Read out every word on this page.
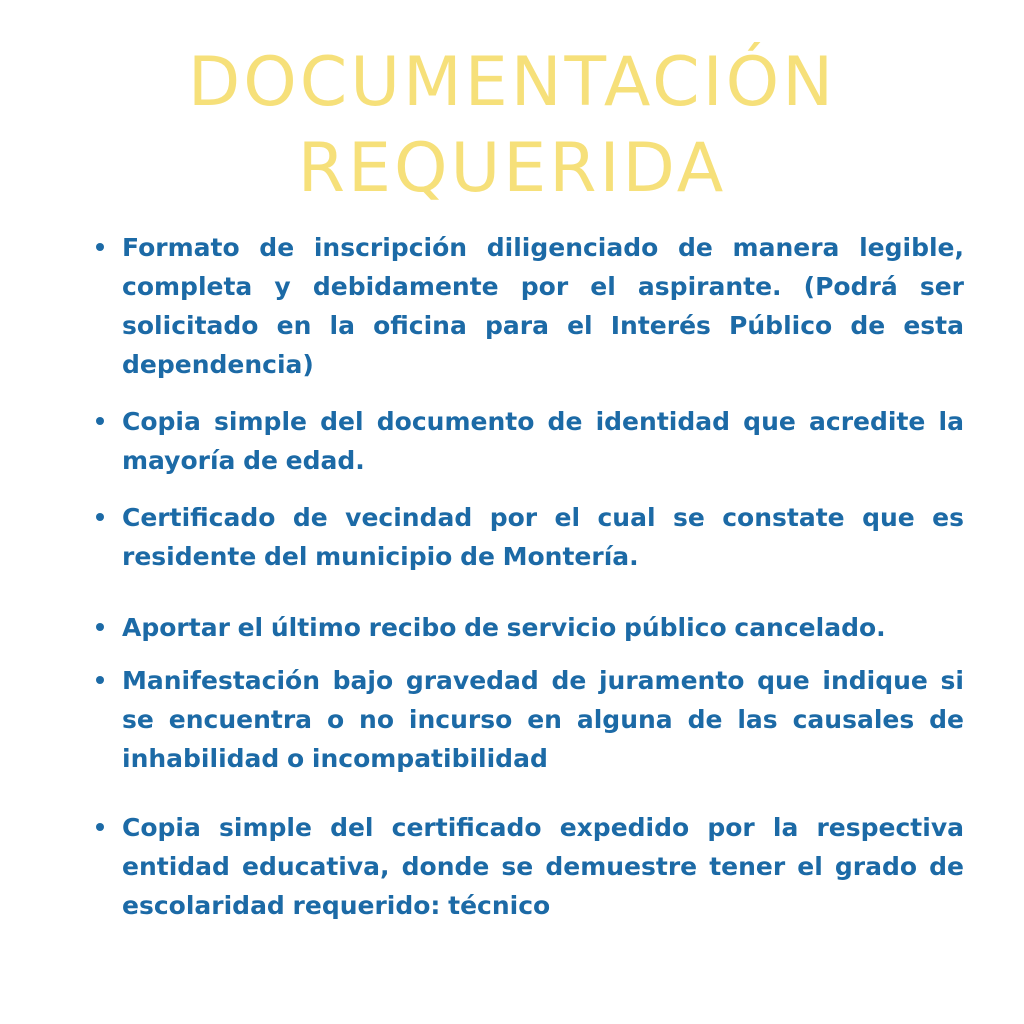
DOCUMENTACIÓN
REQUERIDA
Formato de inscripción diligenciado de manera legible, completa y debidamente por el aspirante. (Podrá ser solicitado en la oficina para el Interés Público de esta dependencia)
Copia simple del documento de identidad que acredite la mayoría de edad.
Certificado de vecindad por el cual se constate que es residente del municipio de Montería.
Aportar el último recibo de servicio público cancelado.
Manifestación bajo gravedad de juramento que indique si se encuentra o no incurso en alguna de las causales de inhabilidad o incompatibilidad
Copia simple del certificado expedido por la respectiva entidad educativa, donde se demuestre tener el grado de escolaridad requerido: técnico
